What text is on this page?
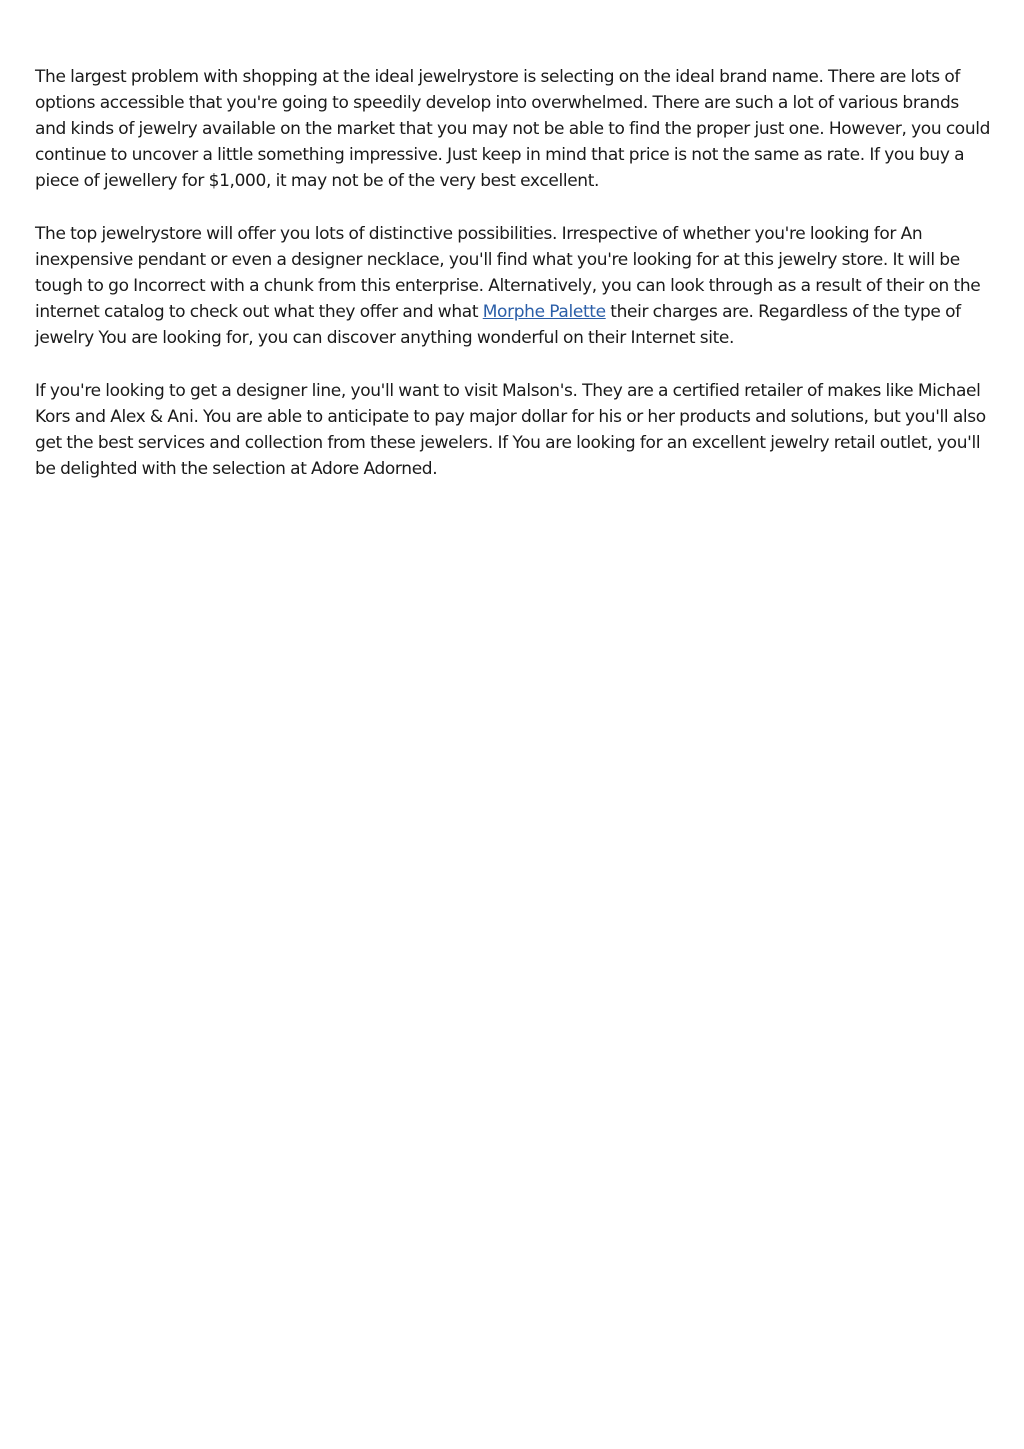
The largest problem with shopping at the ideal jewelrystore is selecting on the ideal brand name. There are lots of options accessible that you're going to speedily develop into overwhelmed. There are such a lot of various brands and kinds of jewelry available on the market that you may not be able to find the proper just one. However, you could continue to uncover a little something impressive. Just keep in mind that price is not the same as rate. If you buy a piece of jewellery for $1,000, it may not be of the very best excellent.

The top jewelrystore will offer you lots of distinctive possibilities. Irrespective of whether you're looking for An inexpensive pendant or even a designer necklace, you'll find what you're looking for at this jewelry store. It will be tough to go Incorrect with a chunk from this enterprise. Alternatively, you can look through as a result of their on the internet catalog to check out what they offer and what Morphe Palette their charges are. Regardless of the type of jewelry You are looking for, you can discover anything wonderful on their Internet site.

If you're looking to get a designer line, you'll want to visit Malson's. They are a certified retailer of makes like Michael Kors and Alex & Ani. You are able to anticipate to pay major dollar for his or her products and solutions, but you'll also get the best services and collection from these jewelers. If You are looking for an excellent jewelry retail outlet, you'll be delighted with the selection at Adore Adorned.
